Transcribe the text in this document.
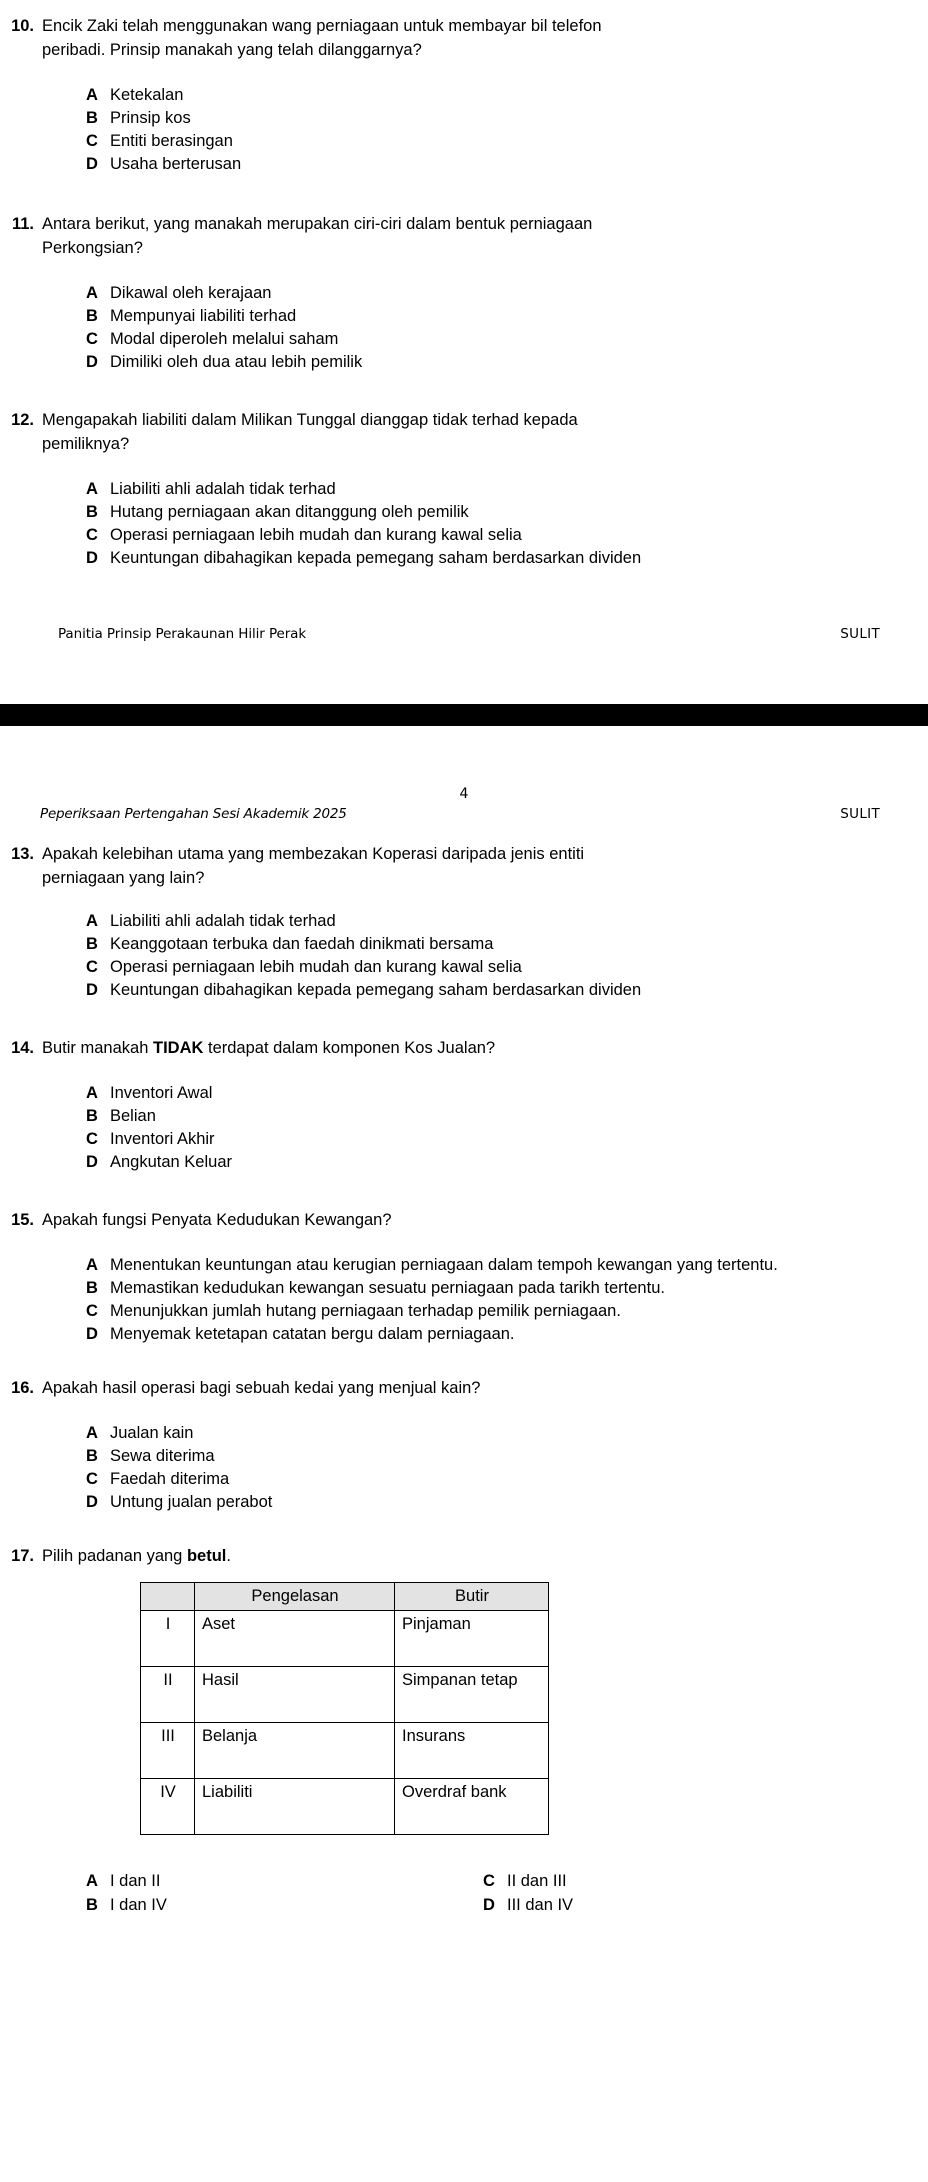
10. Encik Zaki telah menggunakan wang perniagaan untuk membayar bil telefon
peribadi. Prinsip manakah yang telah dilanggarnya?
A Ketekalan
B Prinsip kos
C Entiti berasingan
D Usaha berterusan
11. Antara berikut, yang manakah merupakan ciri-ciri dalam bentuk perniagaan
Perkongsian?
A Dikawal oleh kerajaan
B Mempunyai liabiliti terhad
C Modal diperoleh melalui saham
D Dimiliki oleh dua atau lebih pemilik
12. Mengapakah liabiliti dalam Milikan Tunggal dianggap tidak terhad kepada
pemiliknya?
A Liabiliti ahli adalah tidak terhad
B Hutang perniagaan akan ditanggung oleh pemilik
C Operasi perniagaan lebih mudah dan kurang kawal selia
D Keuntungan dibahagikan kepada pemegang saham berdasarkan dividen
Panitia Prinsip Perakaunan Hilir Perak	SULIT
4
Peperiksaan Pertengahan Sesi Akademik 2025	SULIT
13. Apakah kelebihan utama yang membezakan Koperasi daripada jenis entiti
perniagaan yang lain?
A Liabiliti ahli adalah tidak terhad
B Keanggotaan terbuka dan faedah dinikmati bersama
C Operasi perniagaan lebih mudah dan kurang kawal selia
D Keuntungan dibahagikan kepada pemegang saham berdasarkan dividen
14. Butir manakah TIDAK terdapat dalam komponen Kos Jualan?
A Inventori Awal
B Belian
C Inventori Akhir
D Angkutan Keluar
15. Apakah fungsi Penyata Kedudukan Kewangan?
A Menentukan keuntungan atau kerugian perniagaan dalam tempoh kewangan yang tertentu.
B Memastikan kedudukan kewangan sesuatu perniagaan pada tarikh tertentu.
C Menunjukkan jumlah hutang perniagaan terhadap pemilik perniagaan.
D Menyemak ketetapan catatan bergu dalam perniagaan.
16. Apakah hasil operasi bagi sebuah kedai yang menjual kain?
A Jualan kain
B Sewa diterima
C Faedah diterima
D Untung jualan perabot
17. Pilih padanan yang betul.
	Pengelasan	Butir
I	Aset	Pinjaman
II	Hasil	Simpanan tetap
III	Belanja	Insurans
IV	Liabiliti	Overdraf bank
A I dan II
B I dan IV
C II dan III
D III dan IV
